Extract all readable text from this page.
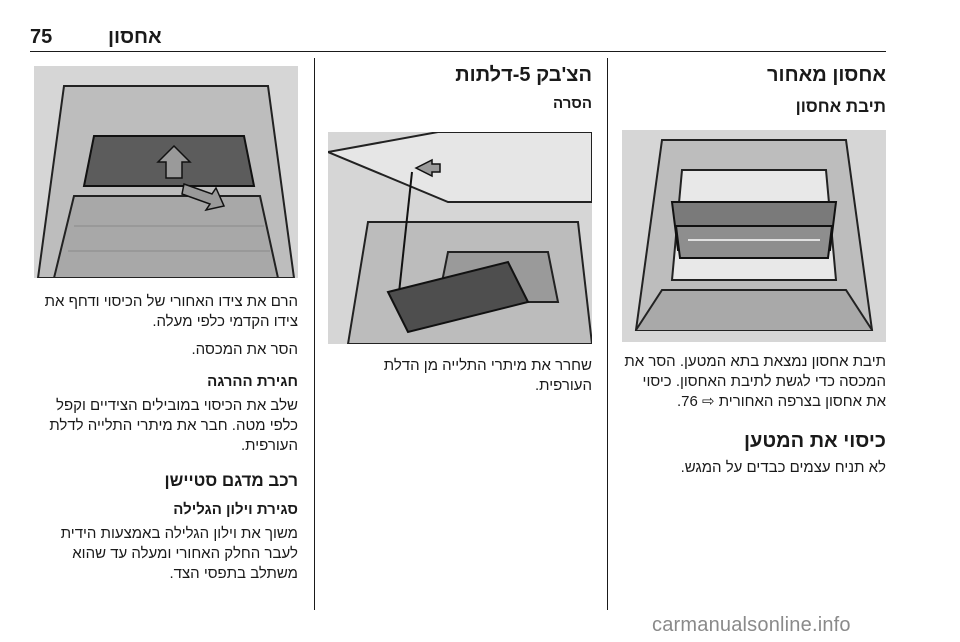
75	אחסון
אחסון מאחור
תיבת אחסון

תיבת אחסון נמצאת בתא המטען. הסר את המכסה כדי לגשת לתיבת האחסון. כיסוי את אחסון בצרפה האחורית ⇨ 76.

כיסוי את המטען

לא תניח עצמים כבדים על המגש.

הצ'בק 5-דלתות
הסרה

שחרר את מיתרי התלייה מן הדלת העורפית.

הרם את צידו האחורי של הכיסוי ודחף את צידו הקדמי כלפי מעלה.

הסר את המכסה.

חגירת ההרגה

שלב את הכיסוי במובילים הצידיים וקפל כלפי מטה. חבר את מיתרי התלייה לדלת העורפית.

רכב מדגם סטיישן
סגירת וילון הגלילה

משוך את וילון הגלילה באמצעות הידית לעבר החלק האחורי ומעלה עד שהוא משתלב בתפסי הצד.

carmanualsonline.info
